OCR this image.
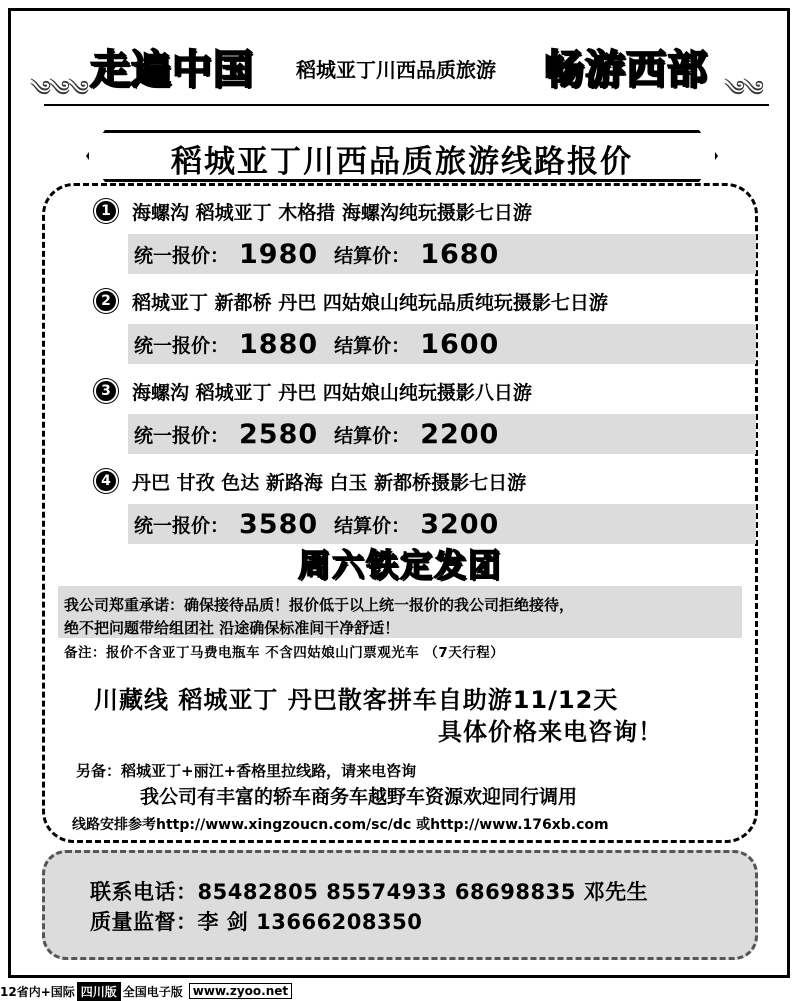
༄༄༄ 走遍中国 稻城亚丁川西品质旅游 畅游西部 ༄༄
稻城亚丁川西品质旅游线路报价
1	海螺沟 稻城亚丁 木格措 海螺沟纯玩摄影七日游
统一报价： 1980 结算价： 1680
2	稻城亚丁 新都桥 丹巴 四姑娘山纯玩品质纯玩摄影七日游
统一报价： 1880 结算价： 1600
3	海螺沟 稻城亚丁 丹巴 四姑娘山纯玩摄影八日游
统一报价： 2580 结算价： 2200
4	丹巴 甘孜 色达 新路海 白玉 新都桥摄影七日游
统一报价： 3580 结算价： 3200
周六铁定发团
我公司郑重承诺：确保接待品质！报价低于以上统一报价的我公司拒绝接待，
绝不把问题带给组团社 沿途确保标准间干净舒适！
备注：报价不含亚丁马费电瓶车 不含四姑娘山门票观光车 （7天行程）
川藏线 稻城亚丁 丹巴散客拼车自助游11/12天
具体价格来电咨询！
另备：稻城亚丁+丽江+香格里拉线路，请来电咨询
我公司有丰富的轿车商务车越野车资源欢迎同行调用
线路安排参考http://www.xingzoucn.com/sc/dc 或http://www.176xb.com
联系电话：85482805 85574933 68698835 邓先生
质量监督：李 剑 13666208350
12省内+国际 四川版 全国电子版 www.zyoo.net
